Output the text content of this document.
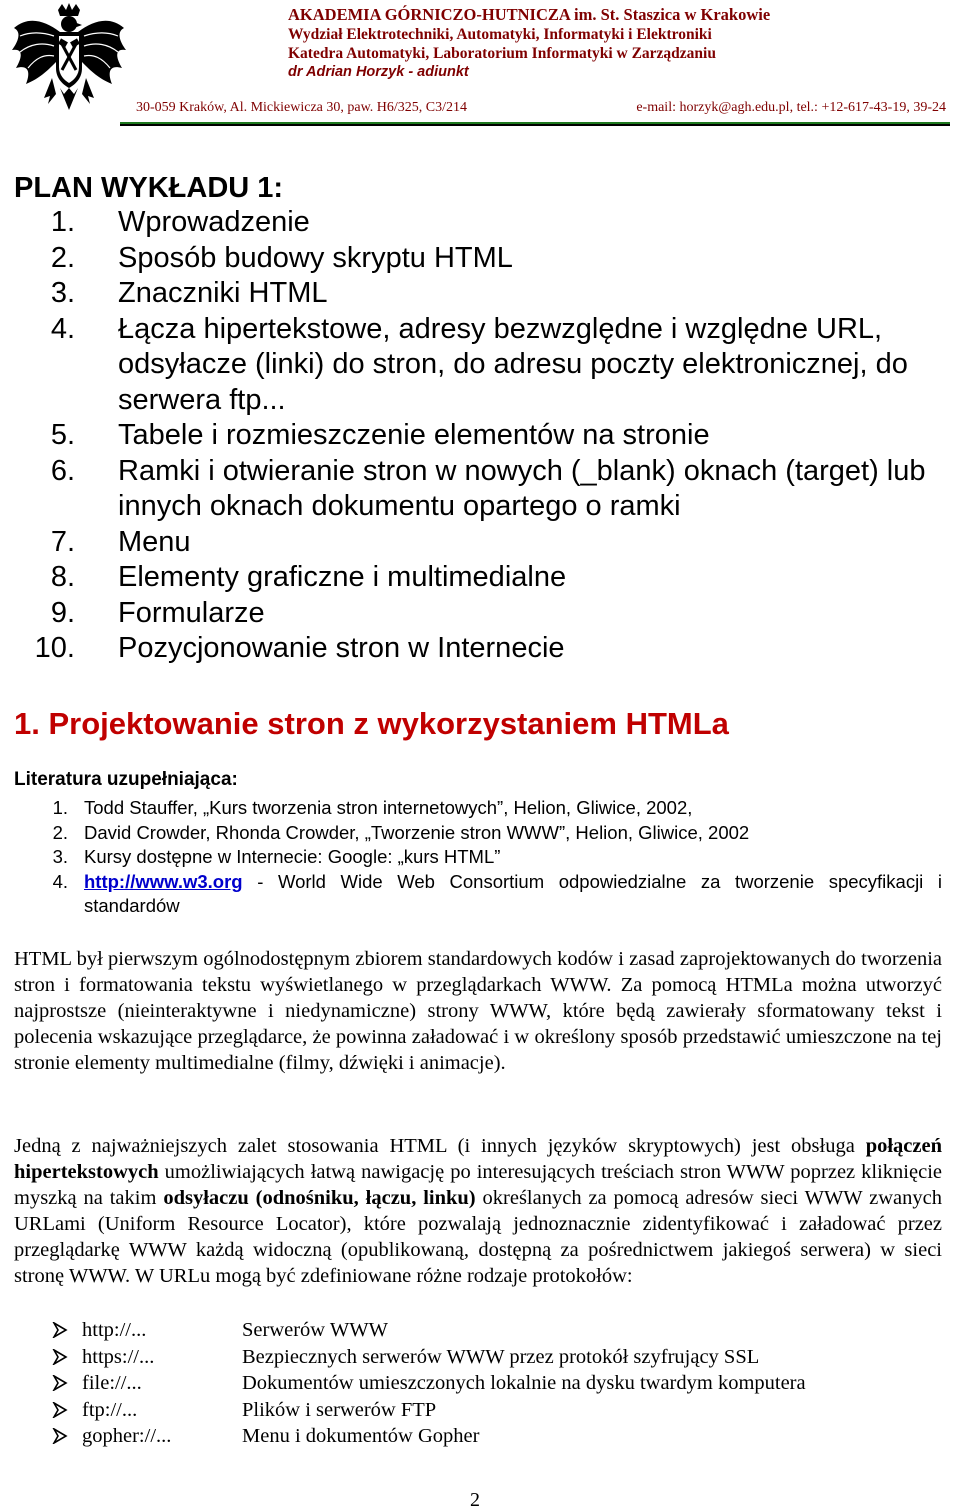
AKADEMIA GÓRNICZO-HUTNICZA im. St. Staszica w Krakowie
Wydział Elektrotechniki, Automatyki, Informatyki i Elektroniki
Katedra Automatyki, Laboratorium Informatyki w Zarządzaniu
dr Adrian Horzyk - adiunkt
30-059 Kraków, Al. Mickiewicza 30, paw. H6/325, C3/214	e-mail: horzyk@agh.edu.pl, tel.: +12-617-43-19, 39-24
PLAN WYKŁADU 1:
1. Wprowadzenie
2. Sposób budowy skryptu HTML
3. Znaczniki HTML
4. Łącza hipertekstowe, adresy bezwzględne i względne URL, odsyłacze (linki) do stron, do adresu poczty elektronicznej, do serwera ftp...
5. Tabele i rozmieszczenie elementów na stronie
6. Ramki i otwieranie stron w nowych (_blank) oknach (target) lub innych oknach dokumentu opartego o ramki
7. Menu
8. Elementy graficzne i multimedialne
9. Formularze
10. Pozycjonowanie stron w Internecie
1. Projektowanie stron z wykorzystaniem HTMLa
Literatura uzupełniająca:
1. Todd Stauffer, „Kurs tworzenia stron internetowych”, Helion, Gliwice, 2002,
2. David Crowder, Rhonda Crowder, „Tworzenie stron WWW”, Helion, Gliwice, 2002
3. Kursy dostępne w Internecie: Google: „kurs HTML”
4. http://www.w3.org - World Wide Web Consortium odpowiedzialne za tworzenie specyfikacji i standardów

HTML był pierwszym ogólnodostępnym zbiorem standardowych kodów i zasad zaprojektowanych do tworzenia stron i formatowania tekstu wyświetlanego w przeglądarkach WWW. Za pomocą HTMLa można utworzyć najprostsze (nieinteraktywne i niedynamiczne) strony WWW, które będą zawierały sformatowany tekst i polecenia wskazujące przeglądarce, że powinna załadować i w określony sposób przedstawić umieszczone na tej stronie elementy multimedialne (filmy, dźwięki i animacje).

Jedną z najważniejszych zalet stosowania HTML (i innych języków skryptowych) jest obsługa połączeń hipertekstowych umożliwiających łatwą nawigację po interesujących treściach stron WWW poprzez kliknięcie myszką na takim odsyłaczu (odnośniku, łączu, linku) określanych za pomocą adresów sieci WWW zwanych URLami (Uniform Resource Locator), które pozwalają jednoznacznie zidentyfikować i załadować przez przeglądarkę WWW każdą widoczną (opublikowaną, dostępną za pośrednictwem jakiegoś serwera) w sieci stronę WWW. W URLu mogą być zdefiniowane różne rodzaje protokołów:

http://...	Serwerów WWW
https://...	Bezpiecznych serwerów WWW przez protokół szyfrujący SSL
file://...	Dokumentów umieszczonych lokalnie na dysku twardym komputera
ftp://...	Plików i serwerów FTP
gopher://...	Menu i dokumentów Gopher
2
